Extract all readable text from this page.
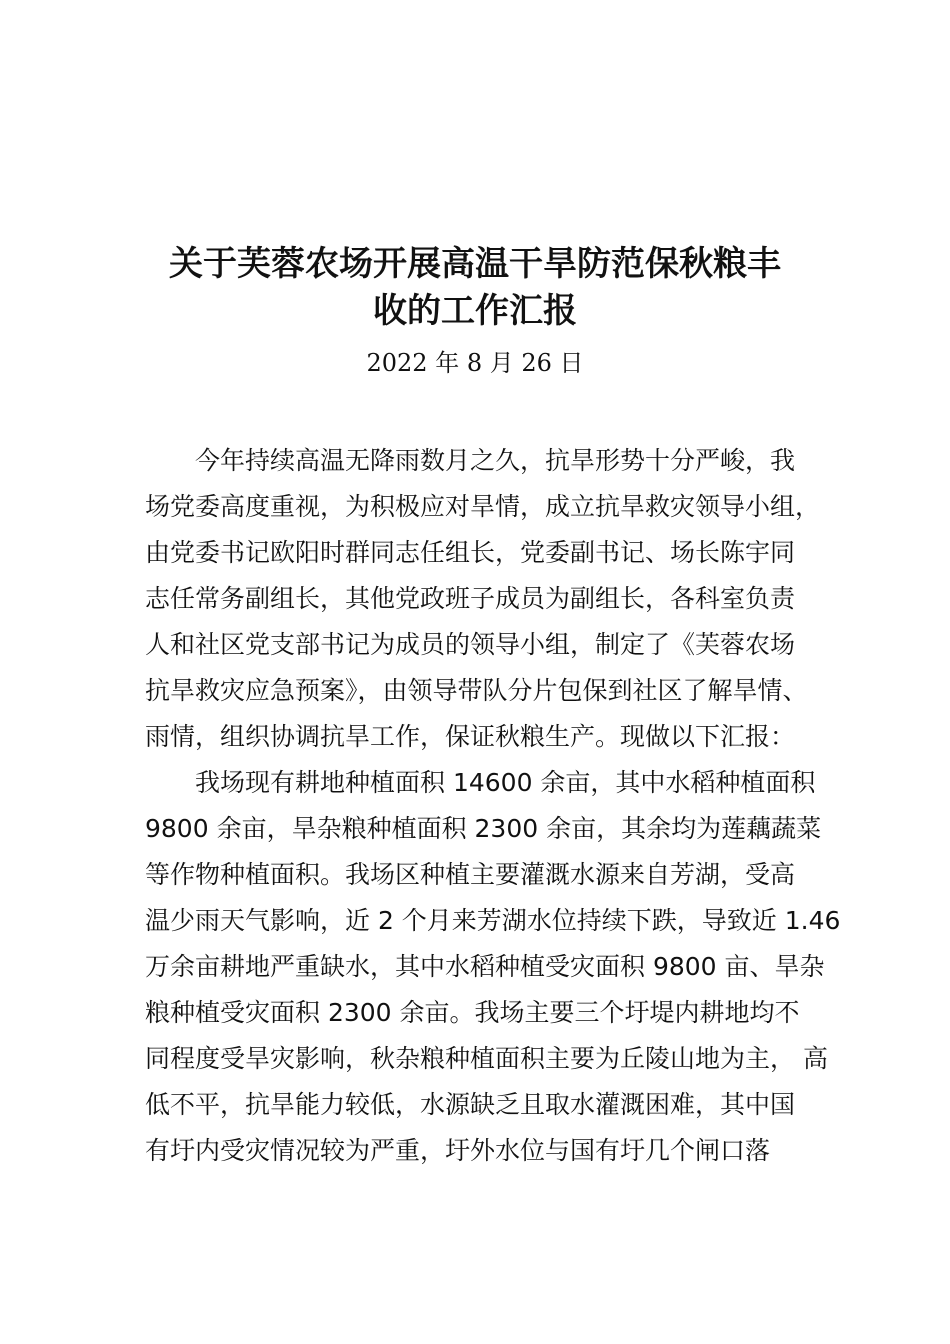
关于芙蓉农场开展高温干旱防范保秋粮丰
收的工作汇报
2022 年 8 月 26 日
今年持续高温无降雨数月之久，抗旱形势十分严峻，我
场党委高度重视，为积极应对旱情，成立抗旱救灾领导小组，
由党委书记欧阳时群同志任组长，党委副书记、场长陈宇同
志任常务副组长，其他党政班子成员为副组长，各科室负责
人和社区党支部书记为成员的领导小组，制定了《芙蓉农场
抗旱救灾应急预案》，由领导带队分片包保到社区了解旱情、
雨情，组织协调抗旱工作，保证秋粮生产。现做以下汇报：
我场现有耕地种植面积 14600 余亩，其中水稻种植面积
9800 余亩，旱杂粮种植面积 2300 余亩，其余均为莲藕蔬菜
等作物种植面积。我场区种植主要灌溉水源来自芳湖，受高
温少雨天气影响，近 2 个月来芳湖水位持续下跌，导致近 1.46
万余亩耕地严重缺水，其中水稻种植受灾面积 9800 亩、旱杂
粮种植受灾面积 2300 余亩。我场主要三个圩堤内耕地均不
同程度受旱灾影响，秋杂粮种植面积主要为丘陵山地为主， 高
低不平，抗旱能力较低，水源缺乏且取水灌溉困难，其中国
有圩内受灾情况较为严重，圩外水位与国有圩几个闸口落
